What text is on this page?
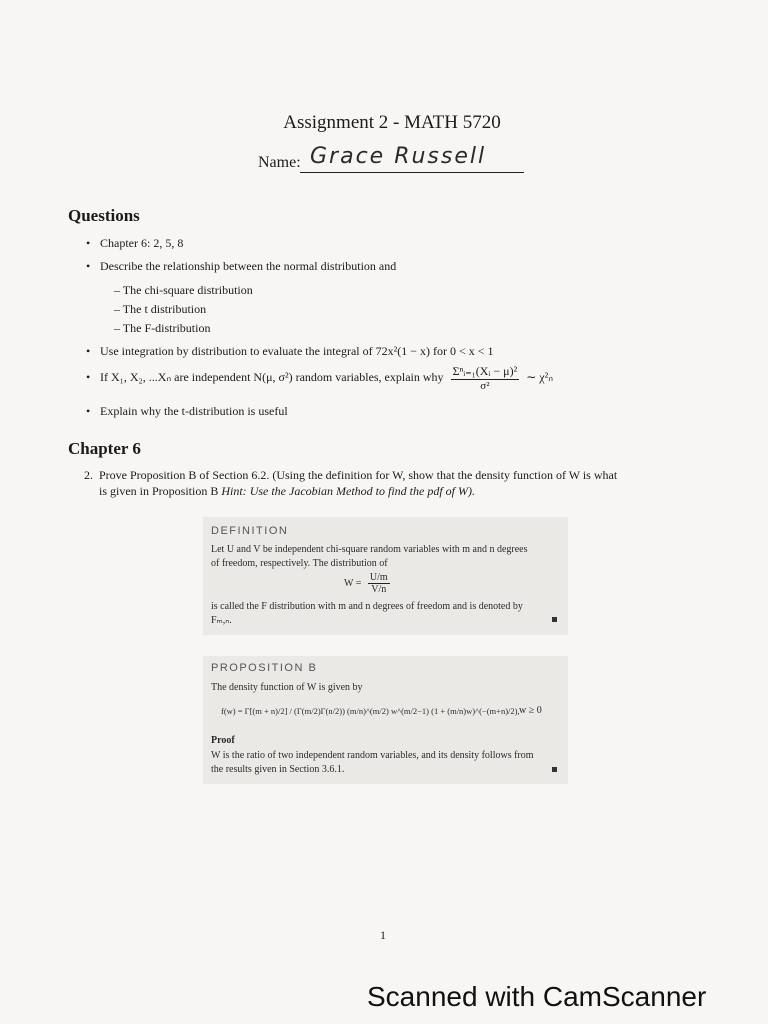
Assignment 2 - MATH 5720
Name: Grace Russell
Questions
• Chapter 6: 2, 5, 8
• Describe the relationship between the normal distribution and
– The chi-square distribution
– The t distribution
– The F-distribution
• Use integration by distribution to evaluate the integral of 72x²(1 − x) for 0 < x < 1
• If X₁, X₂, ...Xₙ are independent N(μ, σ²) random variables, explain why $\frac{\text{Σⁿᵢ₌₁(Xᵢ − μ)²}}{\text{σ²}}$ ∼ χ²ₙ
• Explain why the t-distribution is useful
Chapter 6
2. Prove Proposition B of Section 6.2. (Using the definition for W, show that the density function of W is what
is given in Proposition B Hint: Use the Jacobian Method to find the pdf of W).
DEFINITION
Let U and V be independent chi-square random variables with m and n degrees
of freedom, respectively. The distribution of
$W = \frac{U/m}{V/n}$
is called the F distribution with m and n degrees of freedom and is denoted by
Fₘ,ₙ.
PROPOSITION B
The density function of W is given by
f(w) = Γ[(m + n)/2] / (Γ(m/2)Γ(n/2)) (m/n)^(m/2) w^(m/2−1) (1 + (m/n)w)^(−(m+n)/2), w ≥ 0
Proof
W is the ratio of two independent random variables, and its density follows from
the results given in Section 3.6.1.
1
Scanned with CamScanner
